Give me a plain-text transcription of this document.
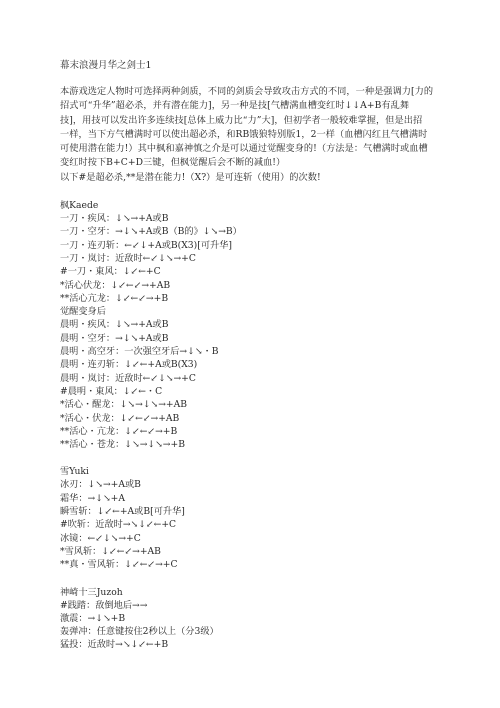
幕末浪漫月华之剑士1

本游戏选定人物时可选择两种剑质，不同的剑质会导致攻击方式的不同，一种是强调力[力的

招式可“升华”超必杀，并有潜在能力]，另一种是技[气槽满血槽变红时↓↓A+B有乱舞

技]，用技可以发出许多连续技[总体上威力比“力”大]，但初学者一般较难掌握，但是出招

一样，当下方气槽满时可以使出超必杀，和RB饿狼特别版1，2一样（血槽闪红且气槽满时

可使用潜在能力!）其中枫和嘉神慎之介是可以通过觉醒变身的!（方法是：气槽满时或血槽

变红时按下B+C+D三键，但枫觉醒后会不断的减血!）

以下#是超必杀,**是潜在能力!（X?）是可连斩（使用）的次数!

枫Kaede
一刀・疾风：↓↘→+A或B
一刀・空牙：→↓↘+A或B（B的》↓↘→B）
一刀・连刃斩：←↙↓+A或B(X3)[可升华]
一刀・岚讨：近敌时←↙↓↘→+C
#一刀・東风：↓↙←+C
*活心伏龙：↓↙←↙→+AB
**活心亢龙：↓↙←↙→+B
觉醒变身后
晨明・疾风：↓↘→+A或B
晨明・空牙：→↓↘+A或B
晨明・高空牙：一次强空牙后→↓↘・B
晨明・连刃斩：↓↙←+A或B(X3)
晨明・岚讨：近敌时←↙↓↘→+C
#晨明・東风：↓↙←・C
*活心・醒龙：↓↘→↓↘→+AB
*活心・伏龙：↓↙←↙→+AB
**活心・亢龙：↓↙←↙→+B
**活心・苍龙：↓↘→↓↘→+B
雪Yuki
冰刃：↓↘→+A或B
霜华：→↓↘+A
瞬雪斩：↓↙←+A或B[可升华]
#吹斩：近敌时→↘↓↙←+C
冰镜：←↙↓↘→+C
*雪风斩：↓↙←↙→+AB
**真・雪风斩：↓↙←↙→+C
神崎十三Juzoh
#践踏：敌倒地后→→
激震：→↓↘+B
轰弹冲：任意键按住2秒以上（分3级）
猛投：近敌时→↘↓↙←+B
